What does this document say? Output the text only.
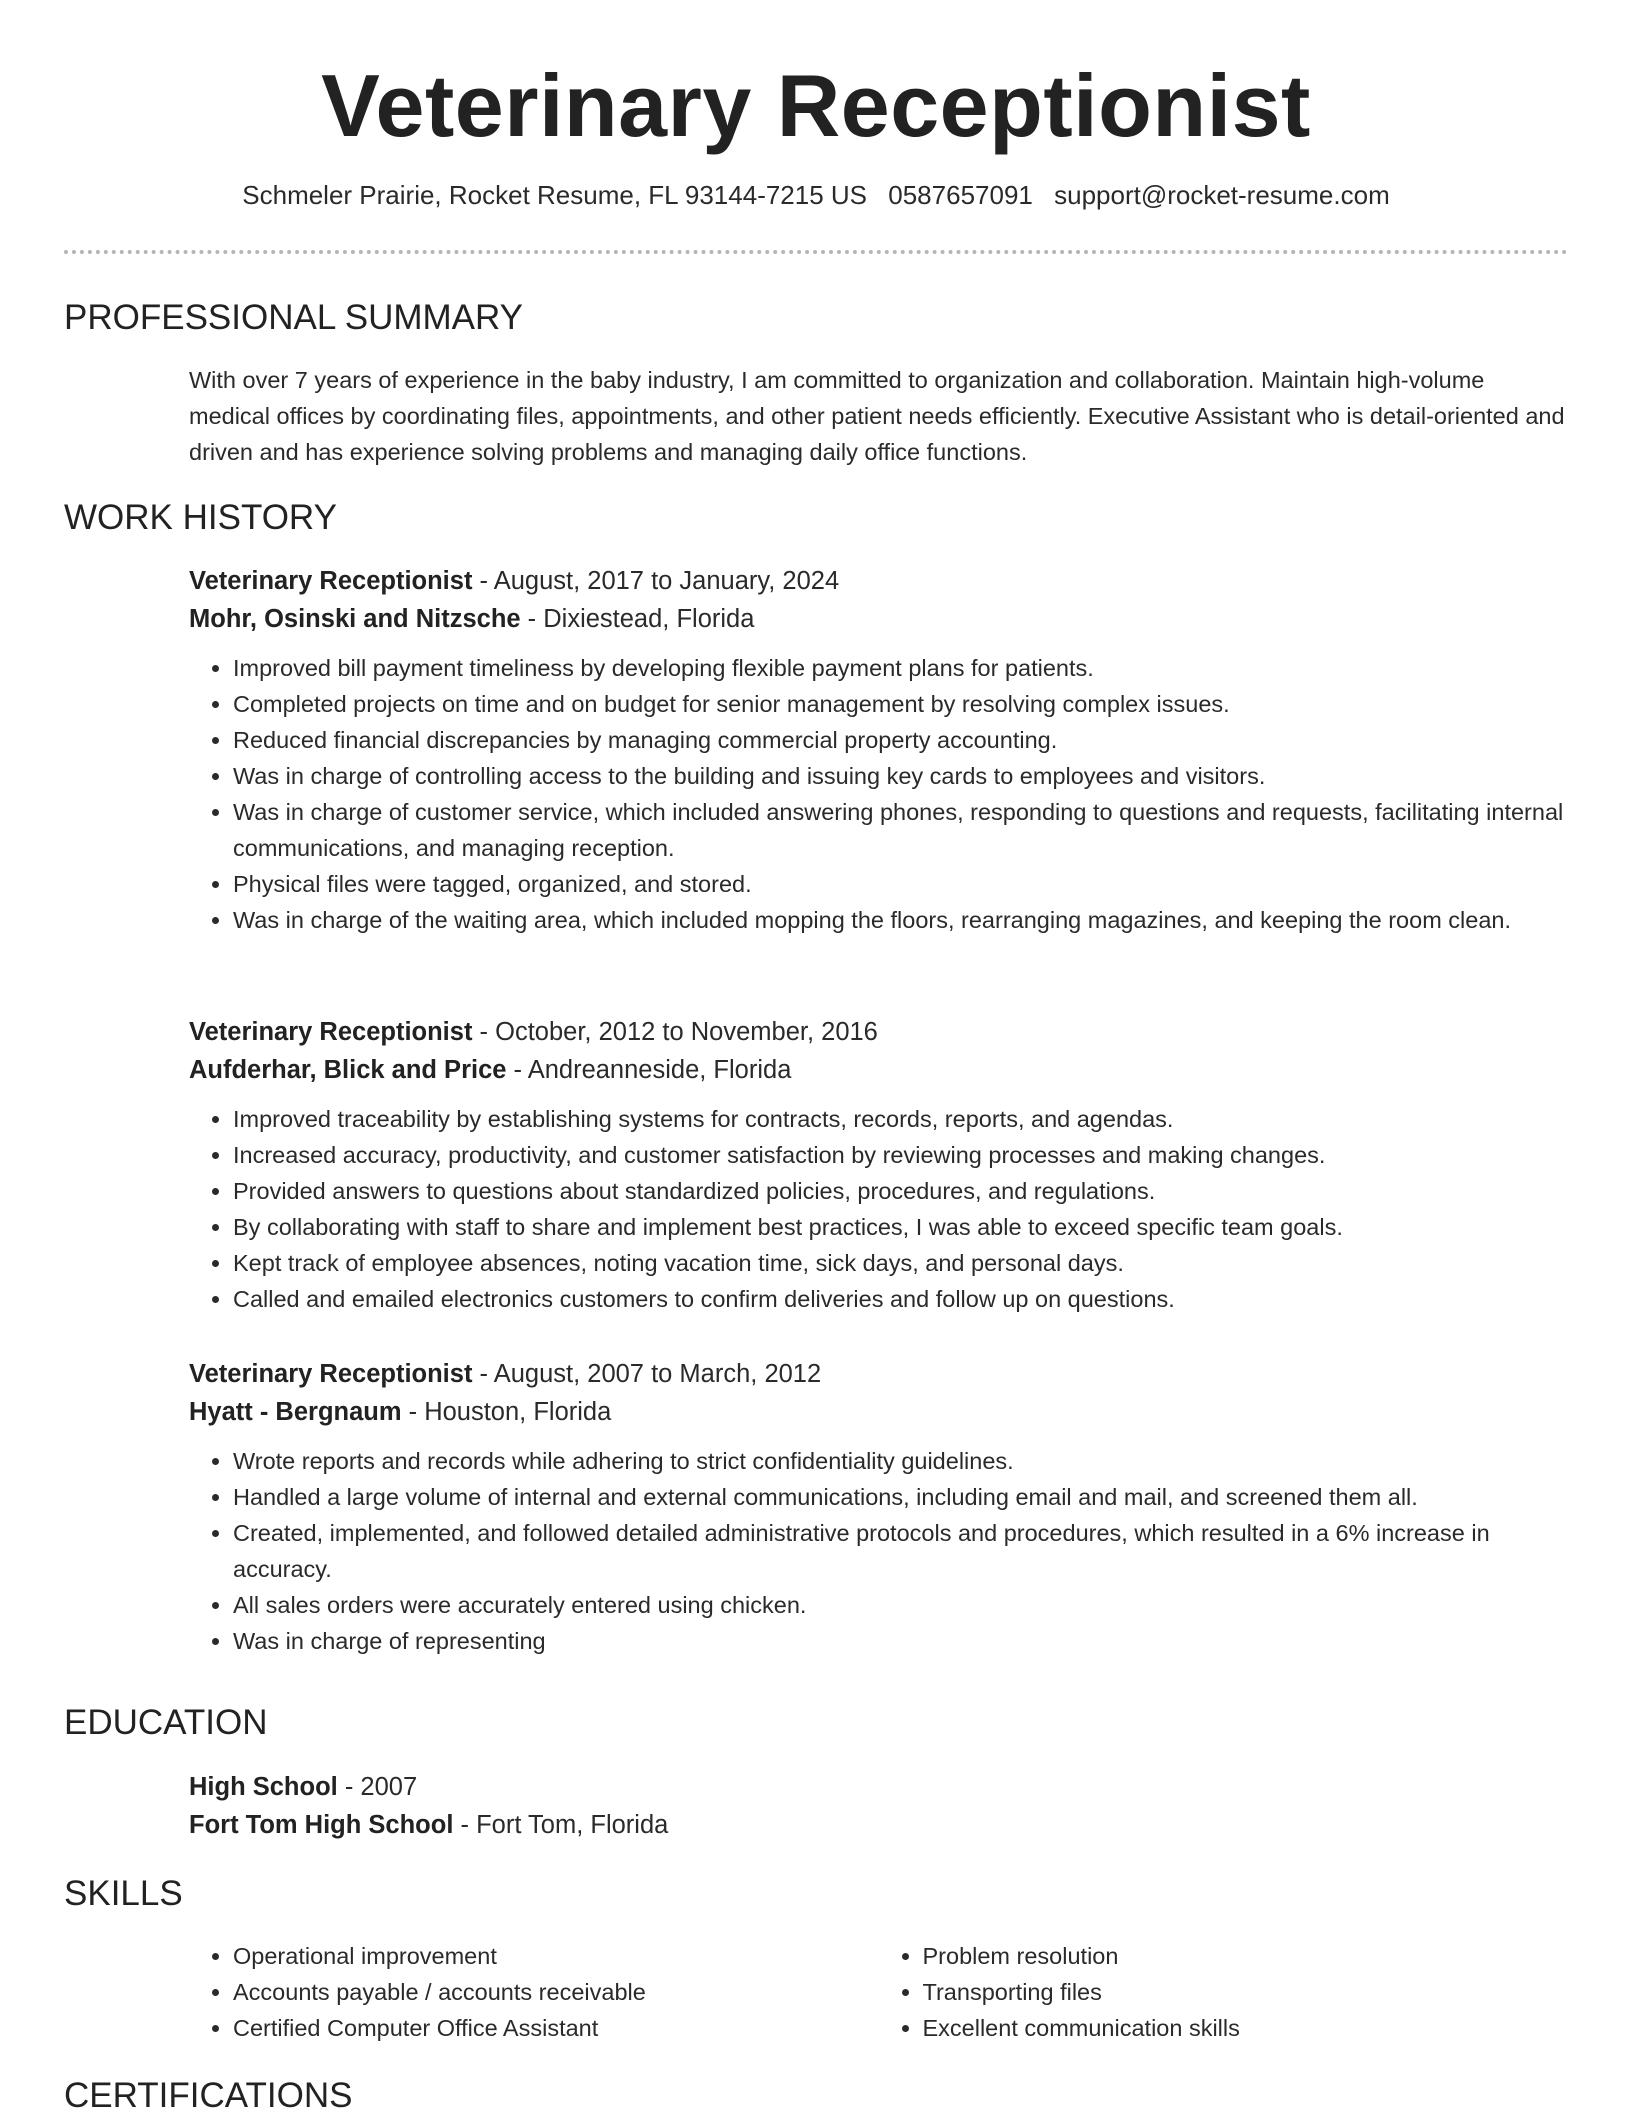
Veterinary Receptionist
Schmeler Prairie, Rocket Resume, FL 93144-7215 US 0587657091 support@rocket-resume.com
PROFESSIONAL SUMMARY

With over 7 years of experience in the baby industry, I am committed to organization and collaboration. Maintain high-volume medical offices by coordinating files, appointments, and other patient needs efficiently. Executive Assistant who is detail-oriented and driven and has experience solving problems and managing daily office functions.

WORK HISTORY

Veterinary Receptionist - August, 2017 to January, 2024

Mohr, Osinski and Nitzsche - Dixiestead, Florida

• Improved bill payment timeliness by developing flexible payment plans for patients.
• Completed projects on time and on budget for senior management by resolving complex issues.
• Reduced financial discrepancies by managing commercial property accounting.
• Was in charge of controlling access to the building and issuing key cards to employees and visitors.
• Was in charge of customer service, which included answering phones, responding to questions and requests, facilitating internal communications, and managing reception.
• Physical files were tagged, organized, and stored.
• Was in charge of the waiting area, which included mopping the floors, rearranging magazines, and keeping the room clean.

Veterinary Receptionist - October, 2012 to November, 2016

Aufderhar, Blick and Price - Andreanneside, Florida

• Improved traceability by establishing systems for contracts, records, reports, and agendas.
• Increased accuracy, productivity, and customer satisfaction by reviewing processes and making changes.
• Provided answers to questions about standardized policies, procedures, and regulations.
• By collaborating with staff to share and implement best practices, I was able to exceed specific team goals.
• Kept track of employee absences, noting vacation time, sick days, and personal days.
• Called and emailed electronics customers to confirm deliveries and follow up on questions.

Veterinary Receptionist - August, 2007 to March, 2012

Hyatt - Bergnaum - Houston, Florida

• Wrote reports and records while adhering to strict confidentiality guidelines.
• Handled a large volume of internal and external communications, including email and mail, and screened them all.
• Created, implemented, and followed detailed administrative protocols and procedures, which resulted in a 6% increase in accuracy.
• All sales orders were accurately entered using chicken.
• Was in charge of representing
EDUCATION

High School - 2007

Fort Tom High School - Fort Tom, Florida

SKILLS
• Operational improvement
• Accounts payable / accounts receivable
• Certified Computer Office Assistant
• Problem resolution
• Transporting files
• Excellent communication skills
CERTIFICATIONS
